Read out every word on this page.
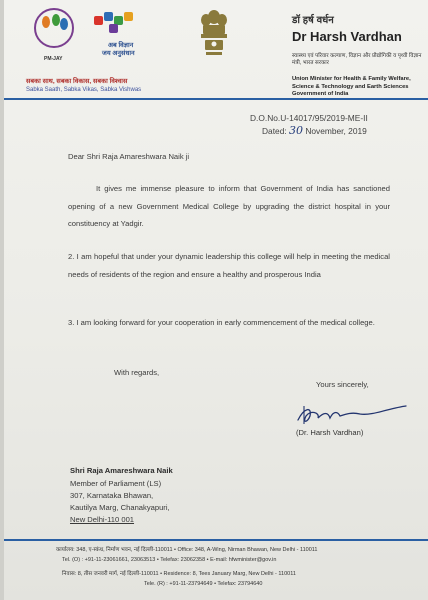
PM-JAY
अब विज्ञान
जय अनुसंधान
सबका साथ, सबका विकास, सबका विश्वास
Sabka Saath, Sabka Vikas, Sabka Vishwas
डॉ हर्ष वर्धन
Dr Harsh Vardhan
स्वास्थ्य एवं परिवार कल्याण, विज्ञान और प्रौद्योगिकी व पृथ्वी विज्ञान मंत्री, भारत सरकार
Union Minister for Health & Family Welfare, Science & Technology and Earth Sciences Government of India
D.O.No.U-14017/95/2019-ME-II
Dated: 30 November, 2019
Dear Shri Raja Amareshwara Naik ji
It gives me immense pleasure to inform that Government of India has sanctioned opening of a new Government Medical College by upgrading the district hospital in your constituency at Yadgir.
2. I am hopeful that under your dynamic leadership this college will help in meeting the medical needs of residents of the region and ensure a healthy and prosperous India
3. I am looking forward for your cooperation in early commencement of the medical college.
With regards,
Yours sincerely,
(Dr. Harsh Vardhan)
Shri Raja Amareshwara Naik
Member of Parliament (LS)
307, Karnataka Bhawan,
Kautilya Marg, Chanakyapuri,
New Delhi-110 001
कार्यालय: 348, ए-स्कंध, निर्माण भवन, नई दिल्ली-110011 • Office: 348, A-Wing, Nirman Bhawan, New Delhi - 110011
Tel. (O) : +91-11-23061661, 23063513 • Telefax: 23062358 • E-mail: hfwminister@gov.in
निवास: 8, तीस जनवरी मार्ग, नई दिल्ली-110011 • Residence: 8, Tees January Marg, New Delhi - 110011
Tele. (R) : +91-11-23794649 • Telefax: 23794640
